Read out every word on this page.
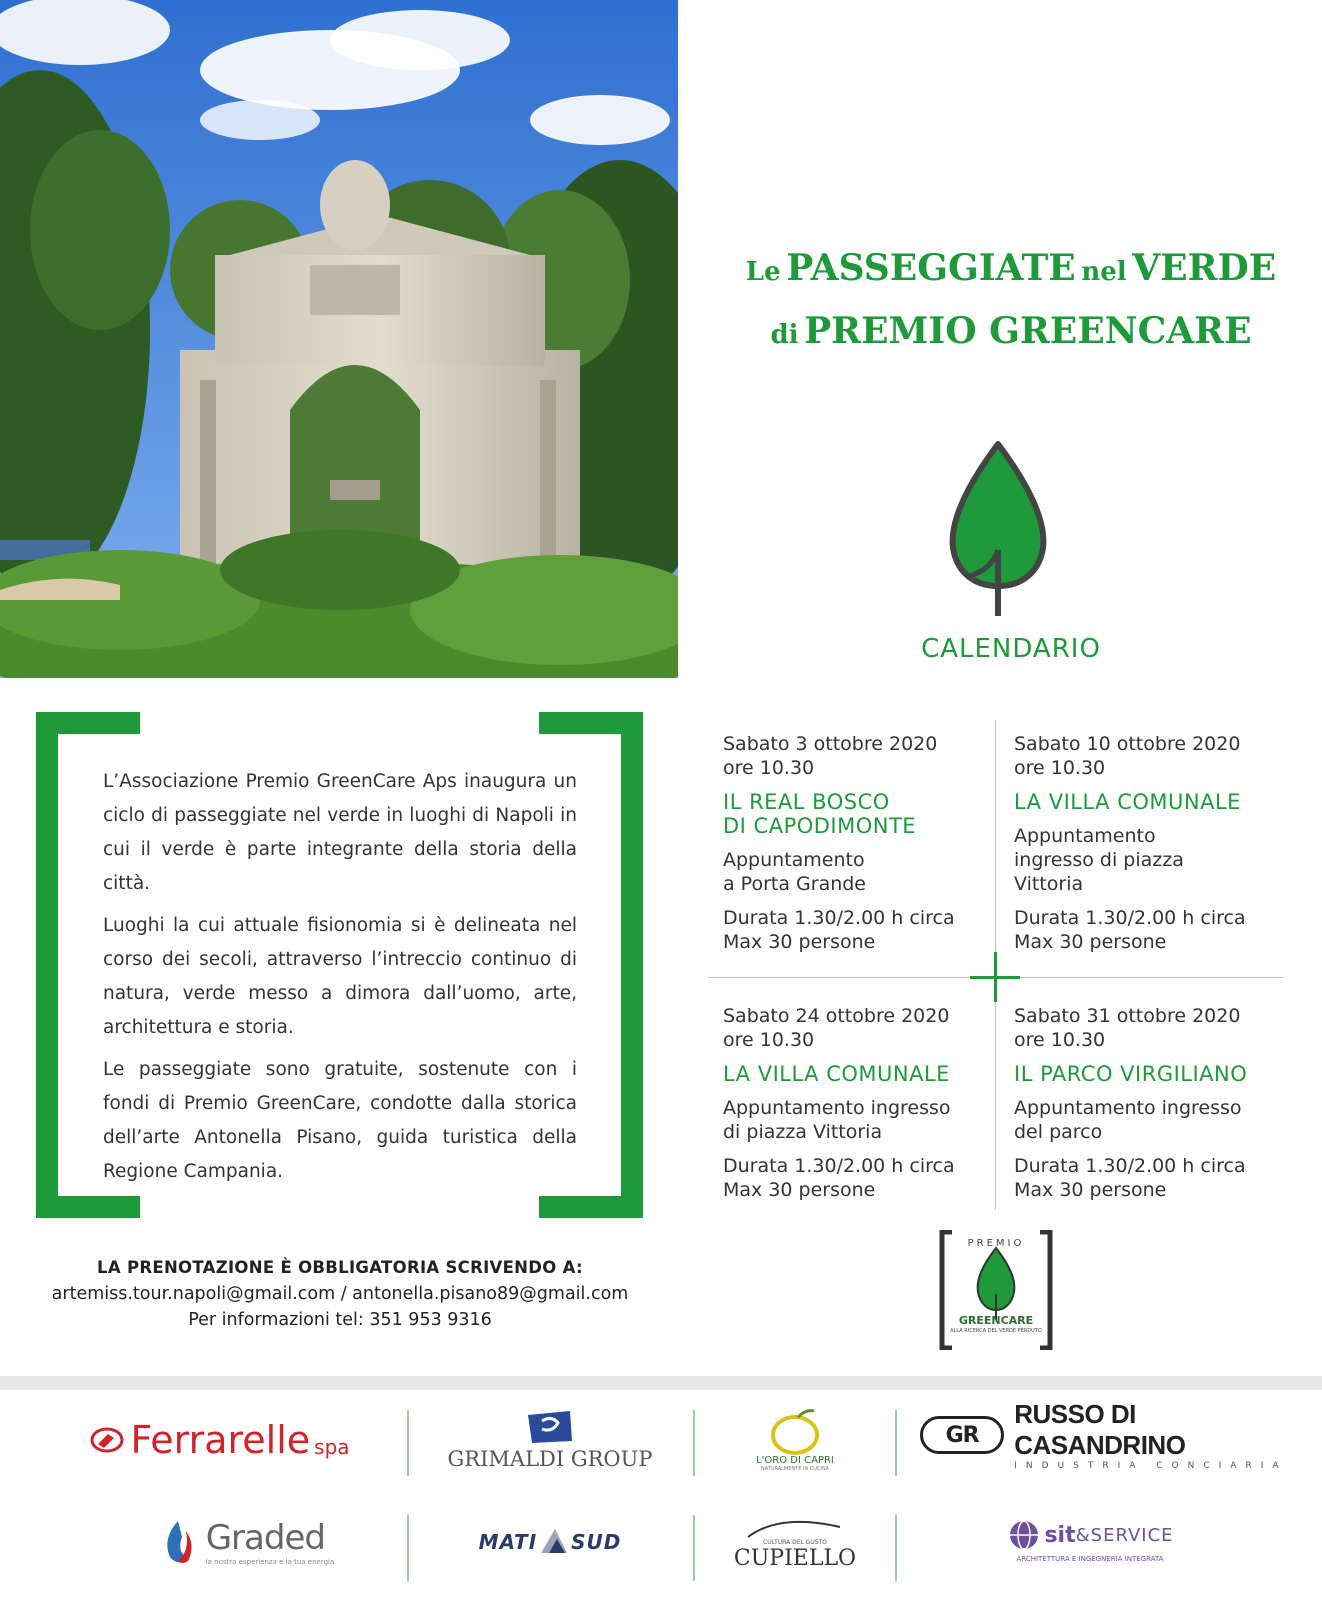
Le PASSEGGIATE nel VERDE
di PREMIO GREENCARE
CALENDARIO

L’Associazione Premio GreenCare Aps inaugura un ciclo di passeggiate nel verde in luoghi di Napoli in cui il verde è parte integrante della storia della città.

Luoghi la cui attuale fisionomia si è delineata nel corso dei secoli, attraverso l’intreccio continuo di natura, verde messo a dimora dall’uomo, arte, architettura e storia.

Le passeggiate sono gratuite, sostenute con i fondi di Premio GreenCare, condotte dalla storica dell’arte Antonella Pisano, guida turistica della Regione Campania.

Sabato 3 ottobre 2020
ore 10.30
IL REAL BOSCO
DI CAPODIMONTE
Appuntamento
a Porta Grande
Durata 1.30/2.00 h circa
Max 30 persone
Sabato 10 ottobre 2020
ore 10.30
LA VILLA COMUNALE
Appuntamento
ingresso di piazza
Vittoria
Durata 1.30/2.00 h circa
Max 30 persone
Sabato 24 ottobre 2020
ore 10.30
LA VILLA COMUNALE
Appuntamento ingresso
di piazza Vittoria
Durata 1.30/2.00 h circa
Max 30 persone
Sabato 31 ottobre 2020
ore 10.30
IL PARCO VIRGILIANO
Appuntamento ingresso
del parco
Durata 1.30/2.00 h circa
Max 30 persone
LA PRENOTAZIONE È OBBLIGATORIA SCRIVENDO A:
artemiss.tour.napoli@gmail.com / antonella.pisano89@gmail.com
Per informazioni tel: 351 953 9316
PREMIO
GREENCARE
ALLA RICERCA DEL VERDE PERDUTO
Ferrarelle spa	GRIMALDI GROUP	L'ORO DI CAPRI
NATURALMENTE IN CUCINA
GR
RUSSO DI CASANDRINO
INDUSTRIA CONCIARIA
Graded
la nostra esperienza e la tua energia
MATI SUD	CULTURA DEL GUSTO
CUPIELLO
sit &SERVICE
ARCHITETTURA E INGEGNERIA INTEGRATA
